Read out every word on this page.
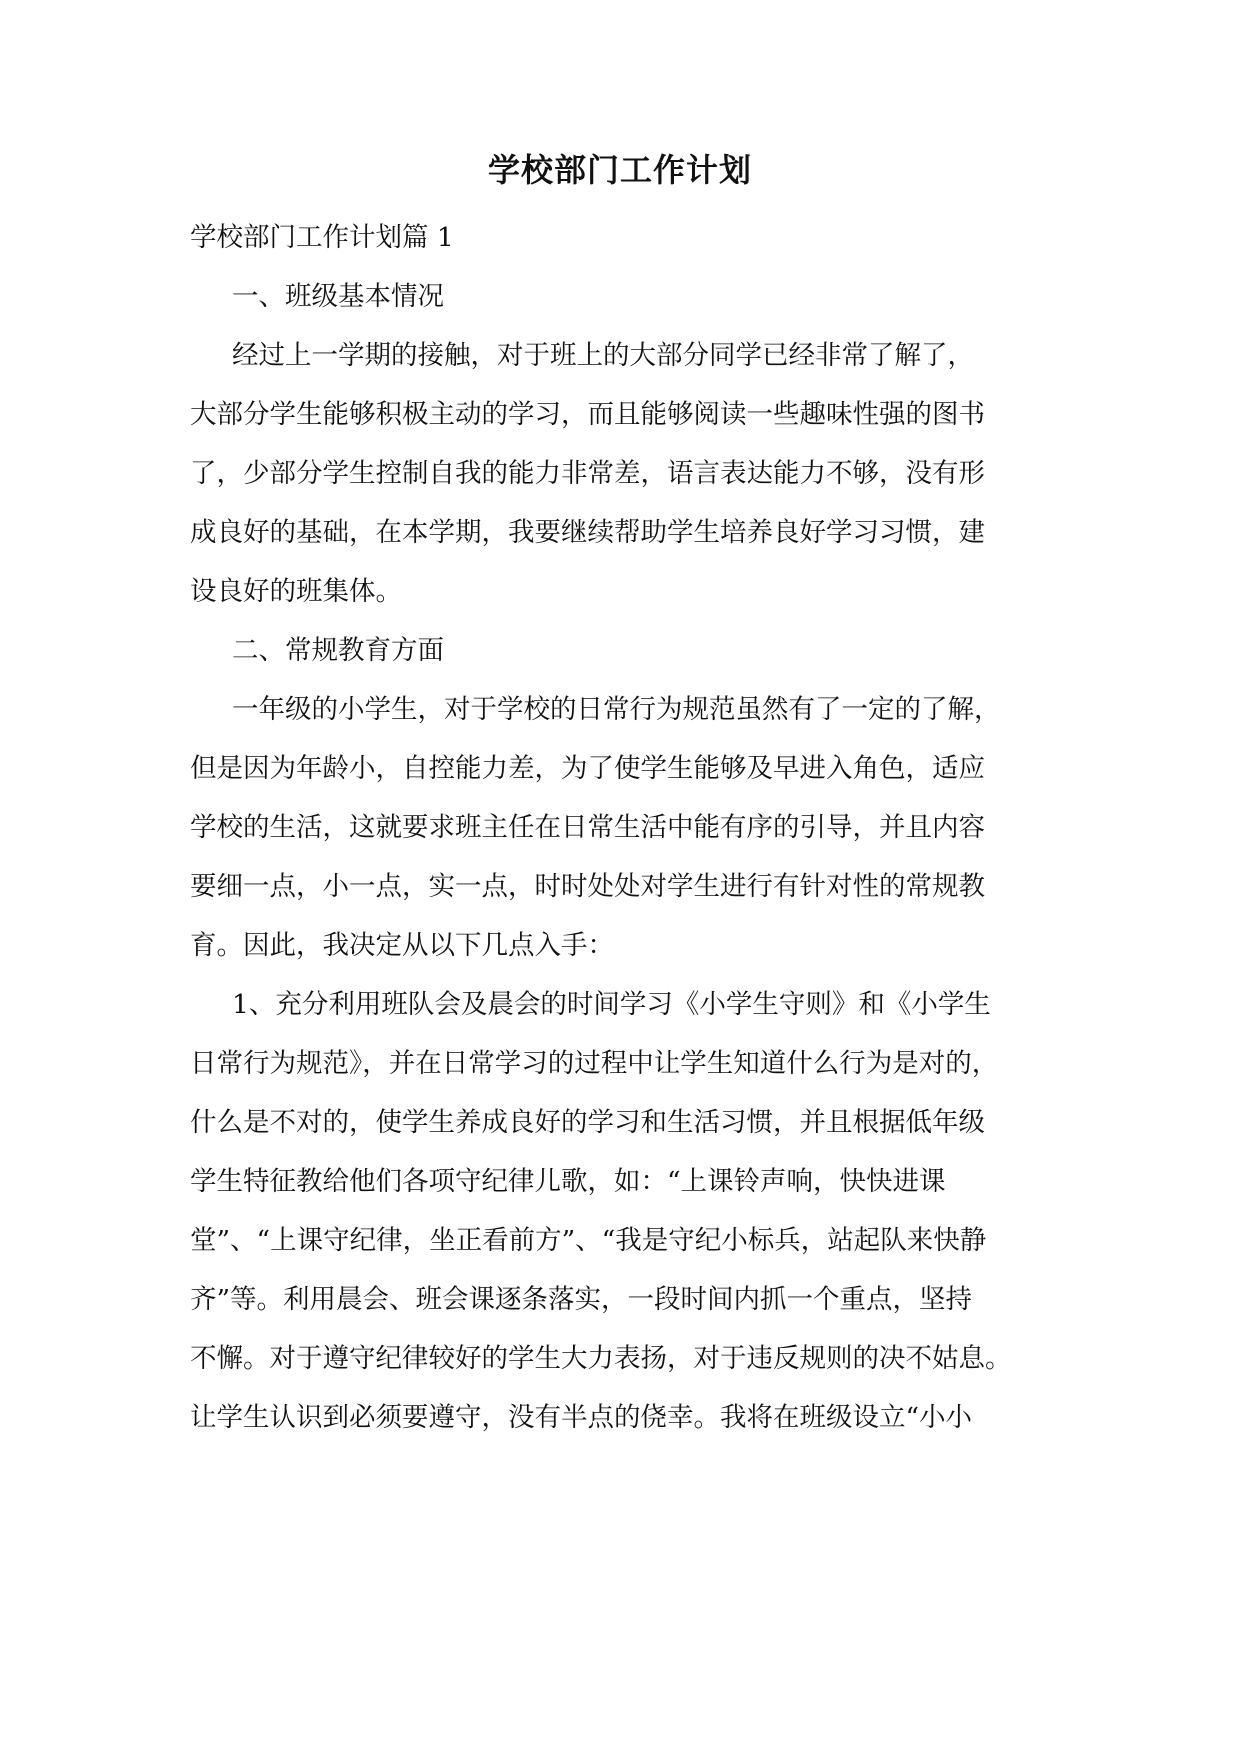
学校部门工作计划

学校部门工作计划篇 1

一、班级基本情况

经过上一学期的接触，对于班上的大部分同学已经非常了解了，

大部分学生能够积极主动的学习，而且能够阅读一些趣味性强的图书

了，少部分学生控制自我的能力非常差，语言表达能力不够，没有形

成良好的基础，在本学期，我要继续帮助学生培养良好学习习惯，建

设良好的班集体。

二、常规教育方面

一年级的小学生，对于学校的日常行为规范虽然有了一定的了解，

但是因为年龄小，自控能力差，为了使学生能够及早进入角色，适应

学校的生活，这就要求班主任在日常生活中能有序的引导，并且内容

要细一点，小一点，实一点，时时处处对学生进行有针对性的常规教

育。因此，我决定从以下几点入手：

1、充分利用班队会及晨会的时间学习《小学生守则》和《小学生

日常行为规范》，并在日常学习的过程中让学生知道什么行为是对的，

什么是不对的，使学生养成良好的学习和生活习惯，并且根据低年级

学生特征教给他们各项守纪律儿歌，如：“上课铃声响，快快进课

堂”、“上课守纪律，坐正看前方”、“我是守纪小标兵，站起队来快静

齐”等。利用晨会、班会课逐条落实，一段时间内抓一个重点，坚持

不懈。对于遵守纪律较好的学生大力表扬，对于违反规则的决不姑息。

让学生认识到必须要遵守，没有半点的侥幸。我将在班级设立“小小
